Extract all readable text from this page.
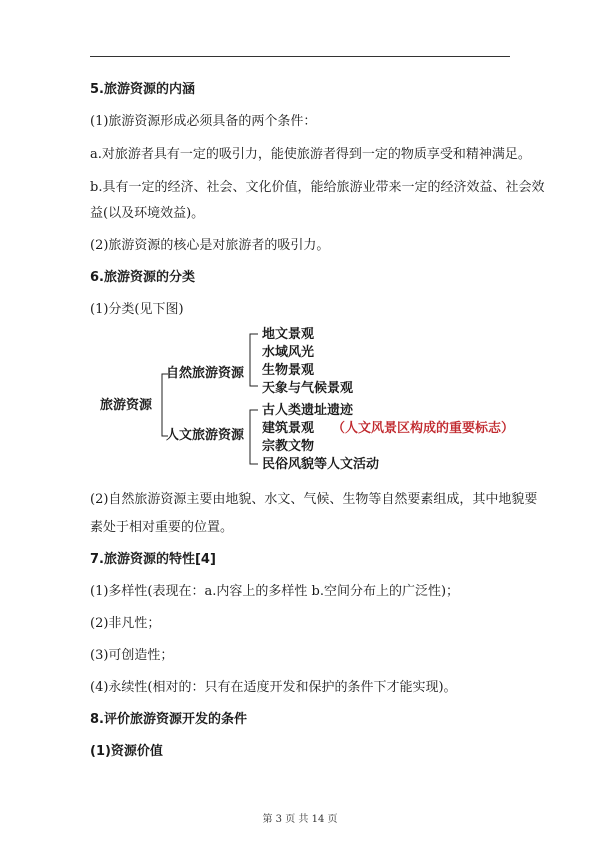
5.旅游资源的内涵
(1)旅游资源形成必须具备的两个条件：
a.对旅游者具有一定的吸引力，能使旅游者得到一定的物质享受和精神满足。
b.具有一定的经济、社会、文化价值，能给旅游业带来一定的经济效益、社会效
益(以及环境效益)。
(2)旅游资源的核心是对旅游者的吸引力。
6.旅游资源的分类
(1)分类(见下图)
旅游资源
自然旅游资源
人文旅游资源
地文景观
水域风光
生物景观
天象与气候景观
古人类遗址遗迹
建筑景观 （人文风景区构成的重要标志）
宗教文物
民俗风貌等人文活动
(2)自然旅游资源主要由地貌、水文、气候、生物等自然要素组成，其中地貌要
素处于相对重要的位置。
7.旅游资源的特性[4]
(1)多样性(表现在：a.内容上的多样性 b.空间分布上的广泛性)；
(2)非凡性；
(3)可创造性；
(4)永续性(相对的：只有在适度开发和保护的条件下才能实现)。
8.评价旅游资源开发的条件
(1)资源价值
第 3 页 共 14 页
